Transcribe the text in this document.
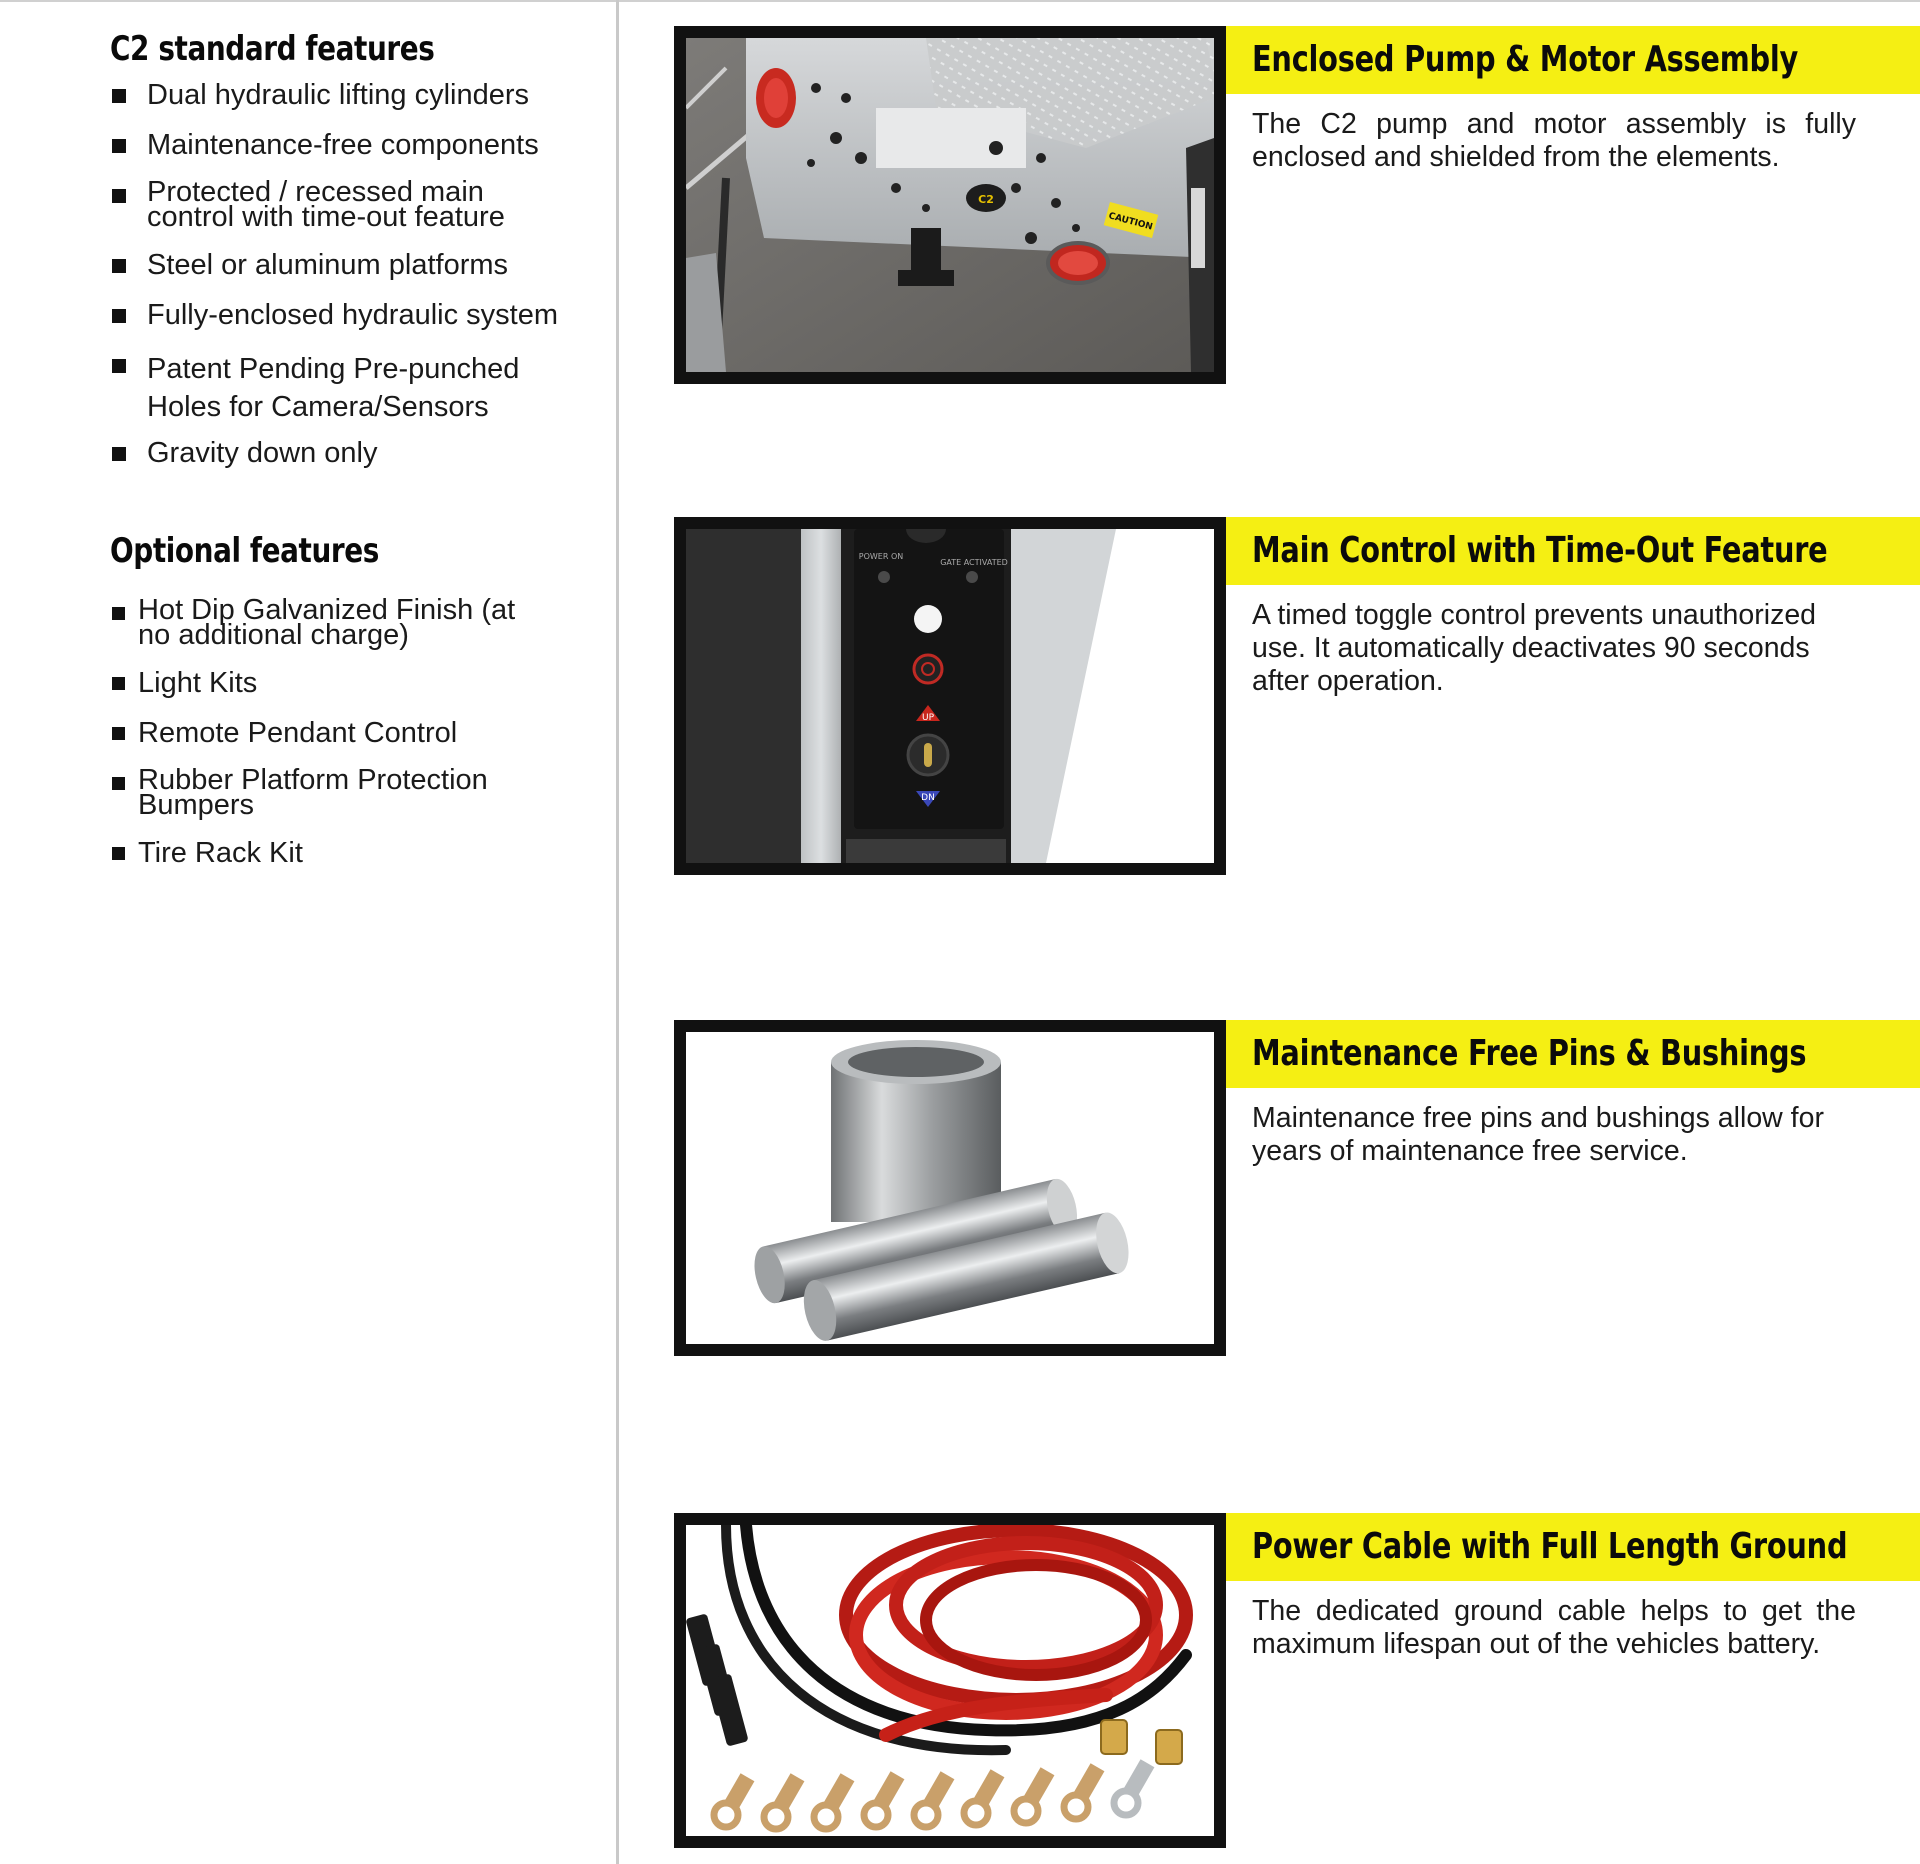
C2 standard features
Dual hydraulic lifting cylinders
Maintenance-free components
Protected / recessed main control with time-out feature
Steel or aluminum platforms
Fully-enclosed hydraulic system
Patent Pending Pre-punched Holes for Camera/Sensors
Gravity down only
Optional features
Hot Dip Galvanized Finish (at no additional charge)
Light Kits
Remote Pendant Control
Rubber Platform Protection Bumpers
Tire Rack Kit
C2
CAUTION
Enclosed Pump & Motor Assembly

The C2 pump and motor assembly is fully enclosed and shielded from the elements.

POWER ON
GATE ACTIVATED
UP
DN
Main Control with Time-Out Feature

A timed toggle control prevents unauthorized use. It automatically deactivates 90 seconds after operation.

Maintenance Free Pins & Bushings

Maintenance free pins and bushings allow for years of maintenance free service.

Power Cable with Full Length Ground

The dedicated ground cable helps to get the maximum lifespan out of the vehicles battery.
